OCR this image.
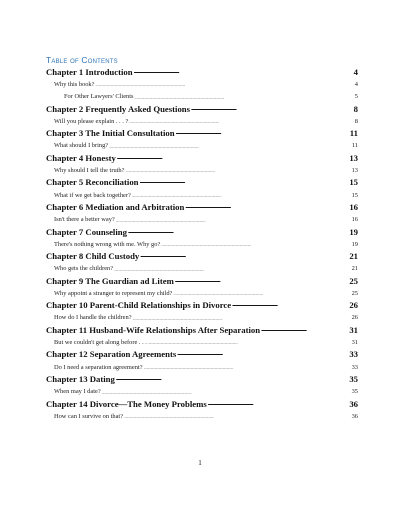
Table of Contents
Chapter 1 Introduction . . .	4
Why this book? . . .	4
For Other Lawyers' Clients . . .	5
Chapter 2 Frequently Asked Questions . . .	8
Will you please explain . . . ? . . .	8
Chapter 3 The Initial Consultation . . .	11
What should I bring? . . .	11
Chapter 4 Honesty . . .	13
Why should I tell the truth? . . .	13
Chapter 5 Reconciliation . . .	15
What if we get back together? . . .	15
Chapter 6 Mediation and Arbitration . . .	16
Isn't there a better way? . . .	16
Chapter 7 Counseling . . .	19
There's nothing wrong with me. Why go? . . .	19
Chapter 8 Child Custody . . .	21
Who gets the children? . . .	21
Chapter 9 The Guardian ad Litem . . .	25
Why appoint a stranger to represent my child? . . .	25
Chapter 10 Parent-Child Relationships in Divorce . . .	26
How do I handle the children? . . .	26
Chapter 11 Husband-Wife Relationships After Separation . . .	31
But we couldn't get along before . . . . . .	31
Chapter 12 Separation Agreements . . .	33
Do I need a separation agreement? . . .	33
Chapter 13 Dating . . .	35
When may I date? . . .	35
Chapter 14 Divorce—The Money Problems . . .	36
How can I survive on that? . . .	36
1
